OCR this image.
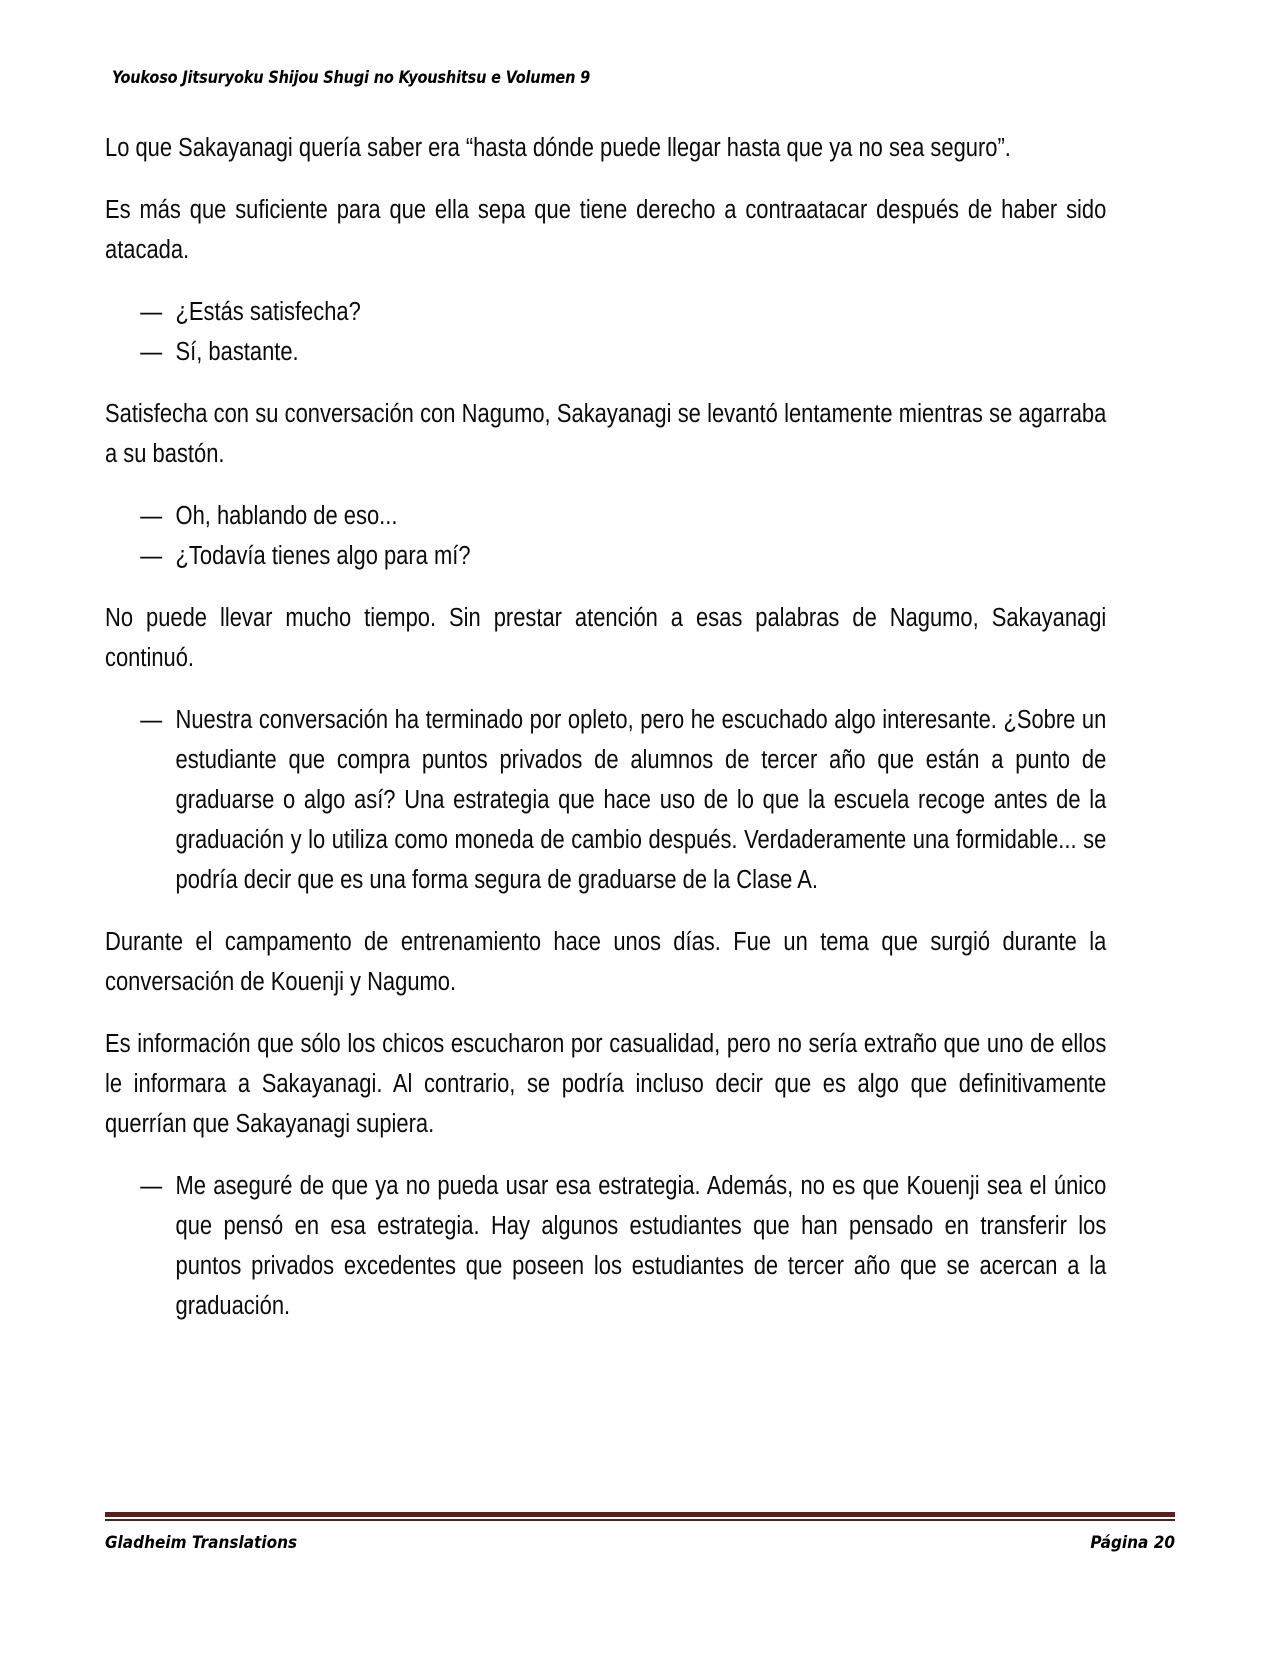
Youkoso Jitsuryoku Shijou Shugi no Kyoushitsu e Volumen 9

Lo que Sakayanagi quería saber era “hasta dónde puede llegar hasta que ya no sea seguro”.

Es más que suficiente para que ella sepa que tiene derecho a contraatacar después de haber sido atacada.

— ¿Estás satisfecha?

— Sí, bastante.

Satisfecha con su conversación con Nagumo, Sakayanagi se levantó lentamente mientras se agarraba a su bastón.

— Oh, hablando de eso...

— ¿Todavía tienes algo para mí?

No puede llevar mucho tiempo. Sin prestar atención a esas palabras de Nagumo, Sakayanagi continuó.

— Nuestra conversación ha terminado por opleto, pero he escuchado algo interesante. ¿Sobre un estudiante que compra puntos privados de alumnos de tercer año que están a punto de graduarse o algo así? Una estrategia que hace uso de lo que la escuela recoge antes de la graduación y lo utiliza como moneda de cambio después. Verdaderamente una formidable... se podría decir que es una forma segura de graduarse de la Clase A.

Durante el campamento de entrenamiento hace unos días. Fue un tema que surgió durante la conversación de Kouenji y Nagumo.

Es información que sólo los chicos escucharon por casualidad, pero no sería extraño que uno de ellos le informara a Sakayanagi. Al contrario, se podría incluso decir que es algo que definitivamente querrían que Sakayanagi supiera.

— Me aseguré de que ya no pueda usar esa estrategia. Además, no es que Kouenji sea el único que pensó en esa estrategia. Hay algunos estudiantes que han pensado en transferir los puntos privados excedentes que poseen los estudiantes de tercer año que se acercan a la graduación.

Gladheim Translations	Página 20
